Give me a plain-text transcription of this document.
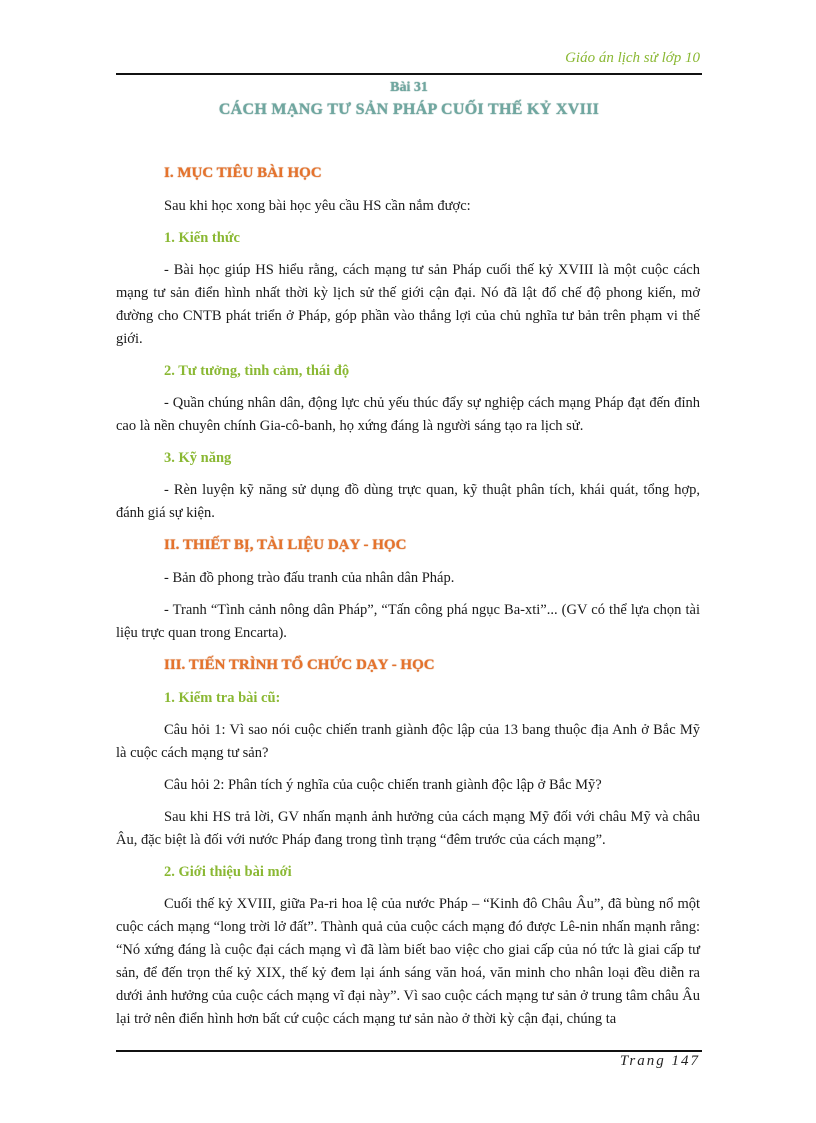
Giáo án lịch sử lớp 10
Bài 31
CÁCH MẠNG TƯ SẢN PHÁP CUỐI THẾ KỶ XVIII
I. MỤC TIÊU BÀI HỌC

Sau khi học xong bài học yêu cầu HS cần nắm được:

1. Kiến thức

- Bài học giúp HS hiểu rằng, cách mạng tư sản Pháp cuối thế kỷ XVIII là một cuộc cách mạng tư sản điển hình nhất thời kỳ lịch sử thế giới cận đại. Nó đã lật đổ chế độ phong kiến, mở đường cho CNTB phát triển ở Pháp, góp phần vào thắng lợi của chủ nghĩa tư bản trên phạm vi thế giới.

2. Tư tưởng, tình cảm, thái độ

- Quần chúng nhân dân, động lực chủ yếu thúc đẩy sự nghiệp cách mạng Pháp đạt đến đỉnh cao là nền chuyên chính Gia-cô-banh, họ xứng đáng là người sáng tạo ra lịch sử.

3. Kỹ năng

- Rèn luyện kỹ năng sử dụng đồ dùng trực quan, kỹ thuật phân tích, khái quát, tổng hợp, đánh giá sự kiện.

II. THIẾT BỊ, TÀI LIỆU DẠY - HỌC

- Bản đồ phong trào đấu tranh của nhân dân Pháp.

- Tranh “Tình cảnh nông dân Pháp”, “Tấn công phá ngục Ba-xti”... (GV có thể lựa chọn tài liệu trực quan trong Encarta).

III. TIẾN TRÌNH TỔ CHỨC DẠY - HỌC
1. Kiểm tra bài cũ:

Câu hỏi 1: Vì sao nói cuộc chiến tranh giành độc lập của 13 bang thuộc địa Anh ở Bắc Mỹ là cuộc cách mạng tư sản?

Câu hỏi 2: Phân tích ý nghĩa của cuộc chiến tranh giành độc lập ở Bắc Mỹ?

Sau khi HS trả lời, GV nhấn mạnh ảnh hưởng của cách mạng Mỹ đối với châu Mỹ và châu Âu, đặc biệt là đối với nước Pháp đang trong tình trạng “đêm trước của cách mạng”.

2. Giới thiệu bài mới

Cuối thế kỷ XVIII, giữa Pa-ri hoa lệ của nước Pháp – “Kinh đô Châu Âu”, đã bùng nổ một cuộc cách mạng “long trời lở đất”. Thành quả của cuộc cách mạng đó được Lê-nin nhấn mạnh rằng: “Nó xứng đáng là cuộc đại cách mạng vì đã làm biết bao việc cho giai cấp của nó tức là giai cấp tư sản, để đến trọn thế kỷ XIX, thế kỷ đem lại ánh sáng văn hoá, văn minh cho nhân loại đều diễn ra dưới ảnh hưởng của cuộc cách mạng vĩ đại này”. Vì sao cuộc cách mạng tư sản ở trung tâm châu Âu lại trở nên điển hình hơn bất cứ cuộc cách mạng tư sản nào ở thời kỳ cận đại, chúng ta

Trang 147
